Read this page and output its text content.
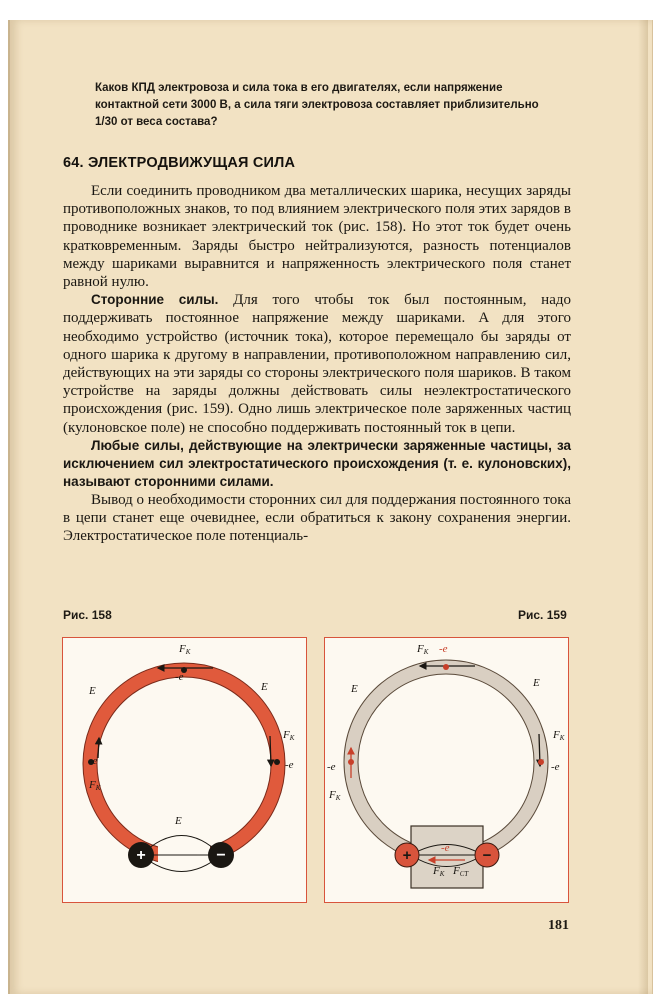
Каков КПД электровоза и сила тока в его двигателях, если напряжение
контактной сети 3000 В, а сила тяги электровоза составляет приблизительно
1/30 от веса состава?
64. ЭЛЕКТРОДВИЖУЩАЯ СИЛА

Если соединить проводником два металлических шарика, несущих заряды противоположных знаков, то под влиянием электрического поля этих зарядов в проводнике возникает электрический ток (рис. 158). Но этот ток будет очень кратковременным. Заряды быстро нейтрализуются, разность потенциалов между шариками выравнится и напряженность электрического поля станет равной нулю.

Сторонние силы. Для того чтобы ток был постоянным, надо поддерживать постоянное напряжение между шариками. А для этого необходимо устройство (источник тока), которое перемещало бы заряды от одного шарика к другому в направлении, противоположном направлению сил, действующих на эти заряды со стороны электрического поля шариков. В таком устройстве на заряды должны действовать силы неэлектростатического происхождения (рис. 159). Одно лишь электрическое поле заряженных частиц (кулоновское поле) не способно поддерживать постоянный ток в цепи.

Любые силы, действующие на электрически заряженные частицы, за исключением сил электростатического происхождения (т. е. кулоновских), называют сторонними силами.

Вывод о необходимости сторонних сил для поддержания постоянного тока в цепи станет еще очевиднее, если обратиться к закону сохранения энергии. Электростатическое поле потенциаль-

Рис. 158	Рис. 159
FК
-е
E	E
FК
-е
-е
FК
E
+	−
FК -е
E	E
FК
-е
-е
FК
-е
FК FСТ
+	−
181
